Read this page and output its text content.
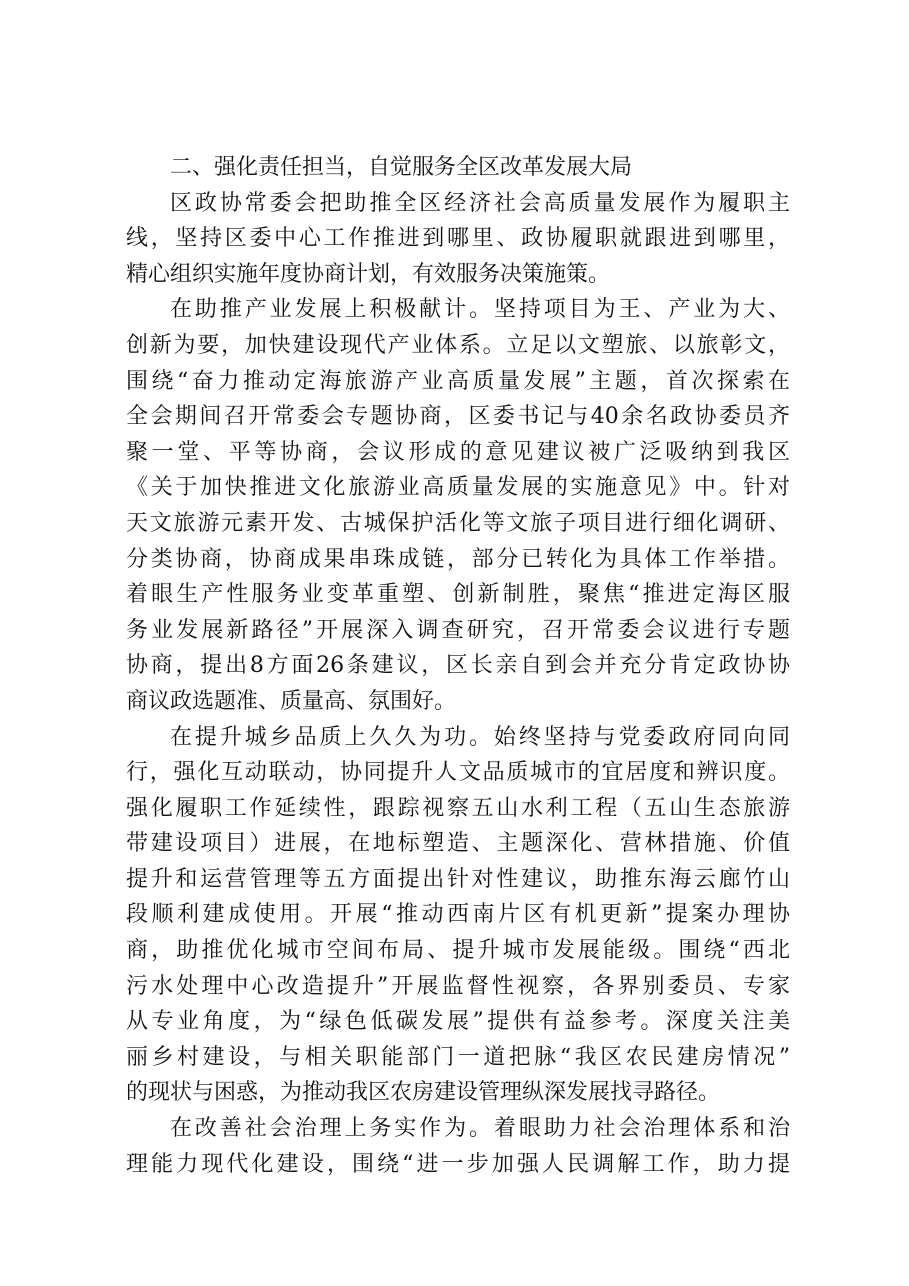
二、强化责任担当，自觉服务全区改革发展大局
区政协常委会把助推全区经济社会高质量发展作为履职主
线，坚持区委中心工作推进到哪里、政协履职就跟进到哪里，
精心组织实施年度协商计划，有效服务决策施策。
在助推产业发展上积极献计。坚持项目为王、产业为大、
创新为要，加快建设现代产业体系。立足以文塑旅、以旅彰文，
围绕“奋力推动定海旅游产业高质量发展”主题，首次探索在
全会期间召开常委会专题协商，区委书记与40余名政协委员齐
聚一堂、平等协商，会议形成的意见建议被广泛吸纳到我区
《关于加快推进文化旅游业高质量发展的实施意见》中。针对
天文旅游元素开发、古城保护活化等文旅子项目进行细化调研、
分类协商，协商成果串珠成链，部分已转化为具体工作举措。
着眼生产性服务业变革重塑、创新制胜，聚焦“推进定海区服
务业发展新路径”开展深入调查研究，召开常委会议进行专题
协商，提出8方面26条建议，区长亲自到会并充分肯定政协协
商议政选题准、质量高、氛围好。
在提升城乡品质上久久为功。始终坚持与党委政府同向同
行，强化互动联动，协同提升人文品质城市的宜居度和辨识度。
强化履职工作延续性，跟踪视察五山水利工程（五山生态旅游
带建设项目）进展，在地标塑造、主题深化、营林措施、价值
提升和运营管理等五方面提出针对性建议，助推东海云廊竹山
段顺利建成使用。开展“推动西南片区有机更新”提案办理协
商，助推优化城市空间布局、提升城市发展能级。围绕“西北
污水处理中心改造提升”开展监督性视察，各界别委员、专家
从专业角度，为“绿色低碳发展”提供有益参考。深度关注美
丽乡村建设，与相关职能部门一道把脉“我区农民建房情况”
的现状与困惑，为推动我区农房建设管理纵深发展找寻路径。
在改善社会治理上务实作为。着眼助力社会治理体系和治
理能力现代化建设，围绕“进一步加强人民调解工作，助力提
